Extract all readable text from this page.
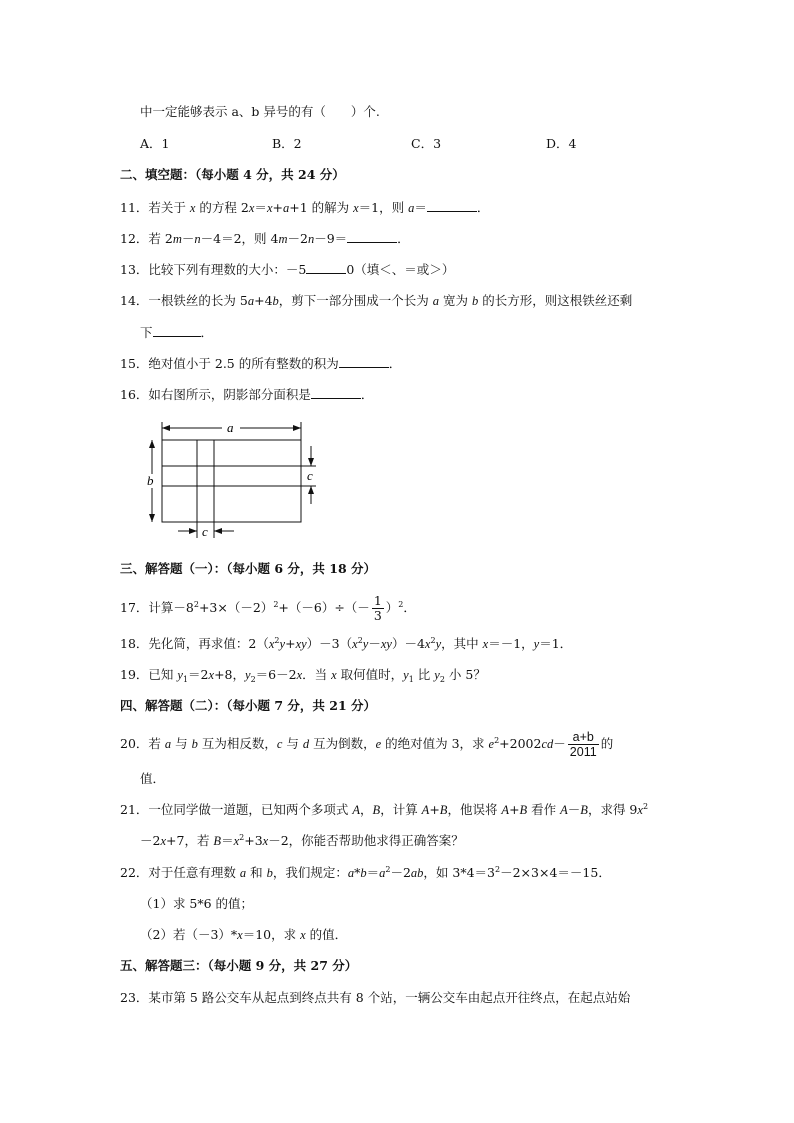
中一定能够表示 a、b 异号的有（　　）个.
A．1	B．2	C．3	D．4
二、填空题：（每小题 4 分，共 24 分）
11．若关于 x 的方程 2x＝x+a+1 的解为 x＝1，则 a＝	．
12．若 2m－n－4＝2，则 4m－2n－9＝	．
13．比较下列有理数的大小：－5	0（填＜、＝或＞）
14．一根铁丝的长为 5a+4b，剪下一部分围成一个长为 a 宽为 b 的长方形，则这根铁丝还剩
下	．
15．绝对值小于 2.5 的所有整数的积为	．
16．如右图所示，阴影部分面积是	．
a
b	c
c
三、解答题（一）：（每小题 6 分，共 18 分）
17．计算$-8^2+3\times(-2)^2+(-6)\div(- \frac{1}{3} )^2$．
18．先化简，再求值：$2(x^2y+xy)-3(x^2y-xy)-4x^2y$，其中 x＝－1，y＝1．
19．已知 $y_1=2x+8$，$y_2=6-2x$．当 x 取何值时，$y_1$ 比 $y_2$ 小 5？
四、解答题（二）：（每小题 7 分，共 21 分）
20．若 a 与 b 互为相反数，c 与 d 互为倒数，e 的绝对值为 3，求 $e^2+2002cd- \frac{a+b}{2011}$ 的
值．
21．一位同学做一道题，已知两个多项式 A，B，计算 A+B，他误将 A+B 看作 A－B，求得 $9x^2$
－2x+7，若 $B=x^2+3x-2$，你能否帮助他求得正确答案？
22．对于任意有理数 a 和 b，我们规定：$a*b=a^2-2ab$，如 $3*4=3^2-2\times 3\times 4=-15$．
（1）求 5*6 的值；
（2）若（－3）*x＝10，求 x 的值．
五、解答题三：（每小题 9 分，共 27 分）
23．某市第 5 路公交车从起点到终点共有 8 个站，一辆公交车由起点开往终点，在起点站始
